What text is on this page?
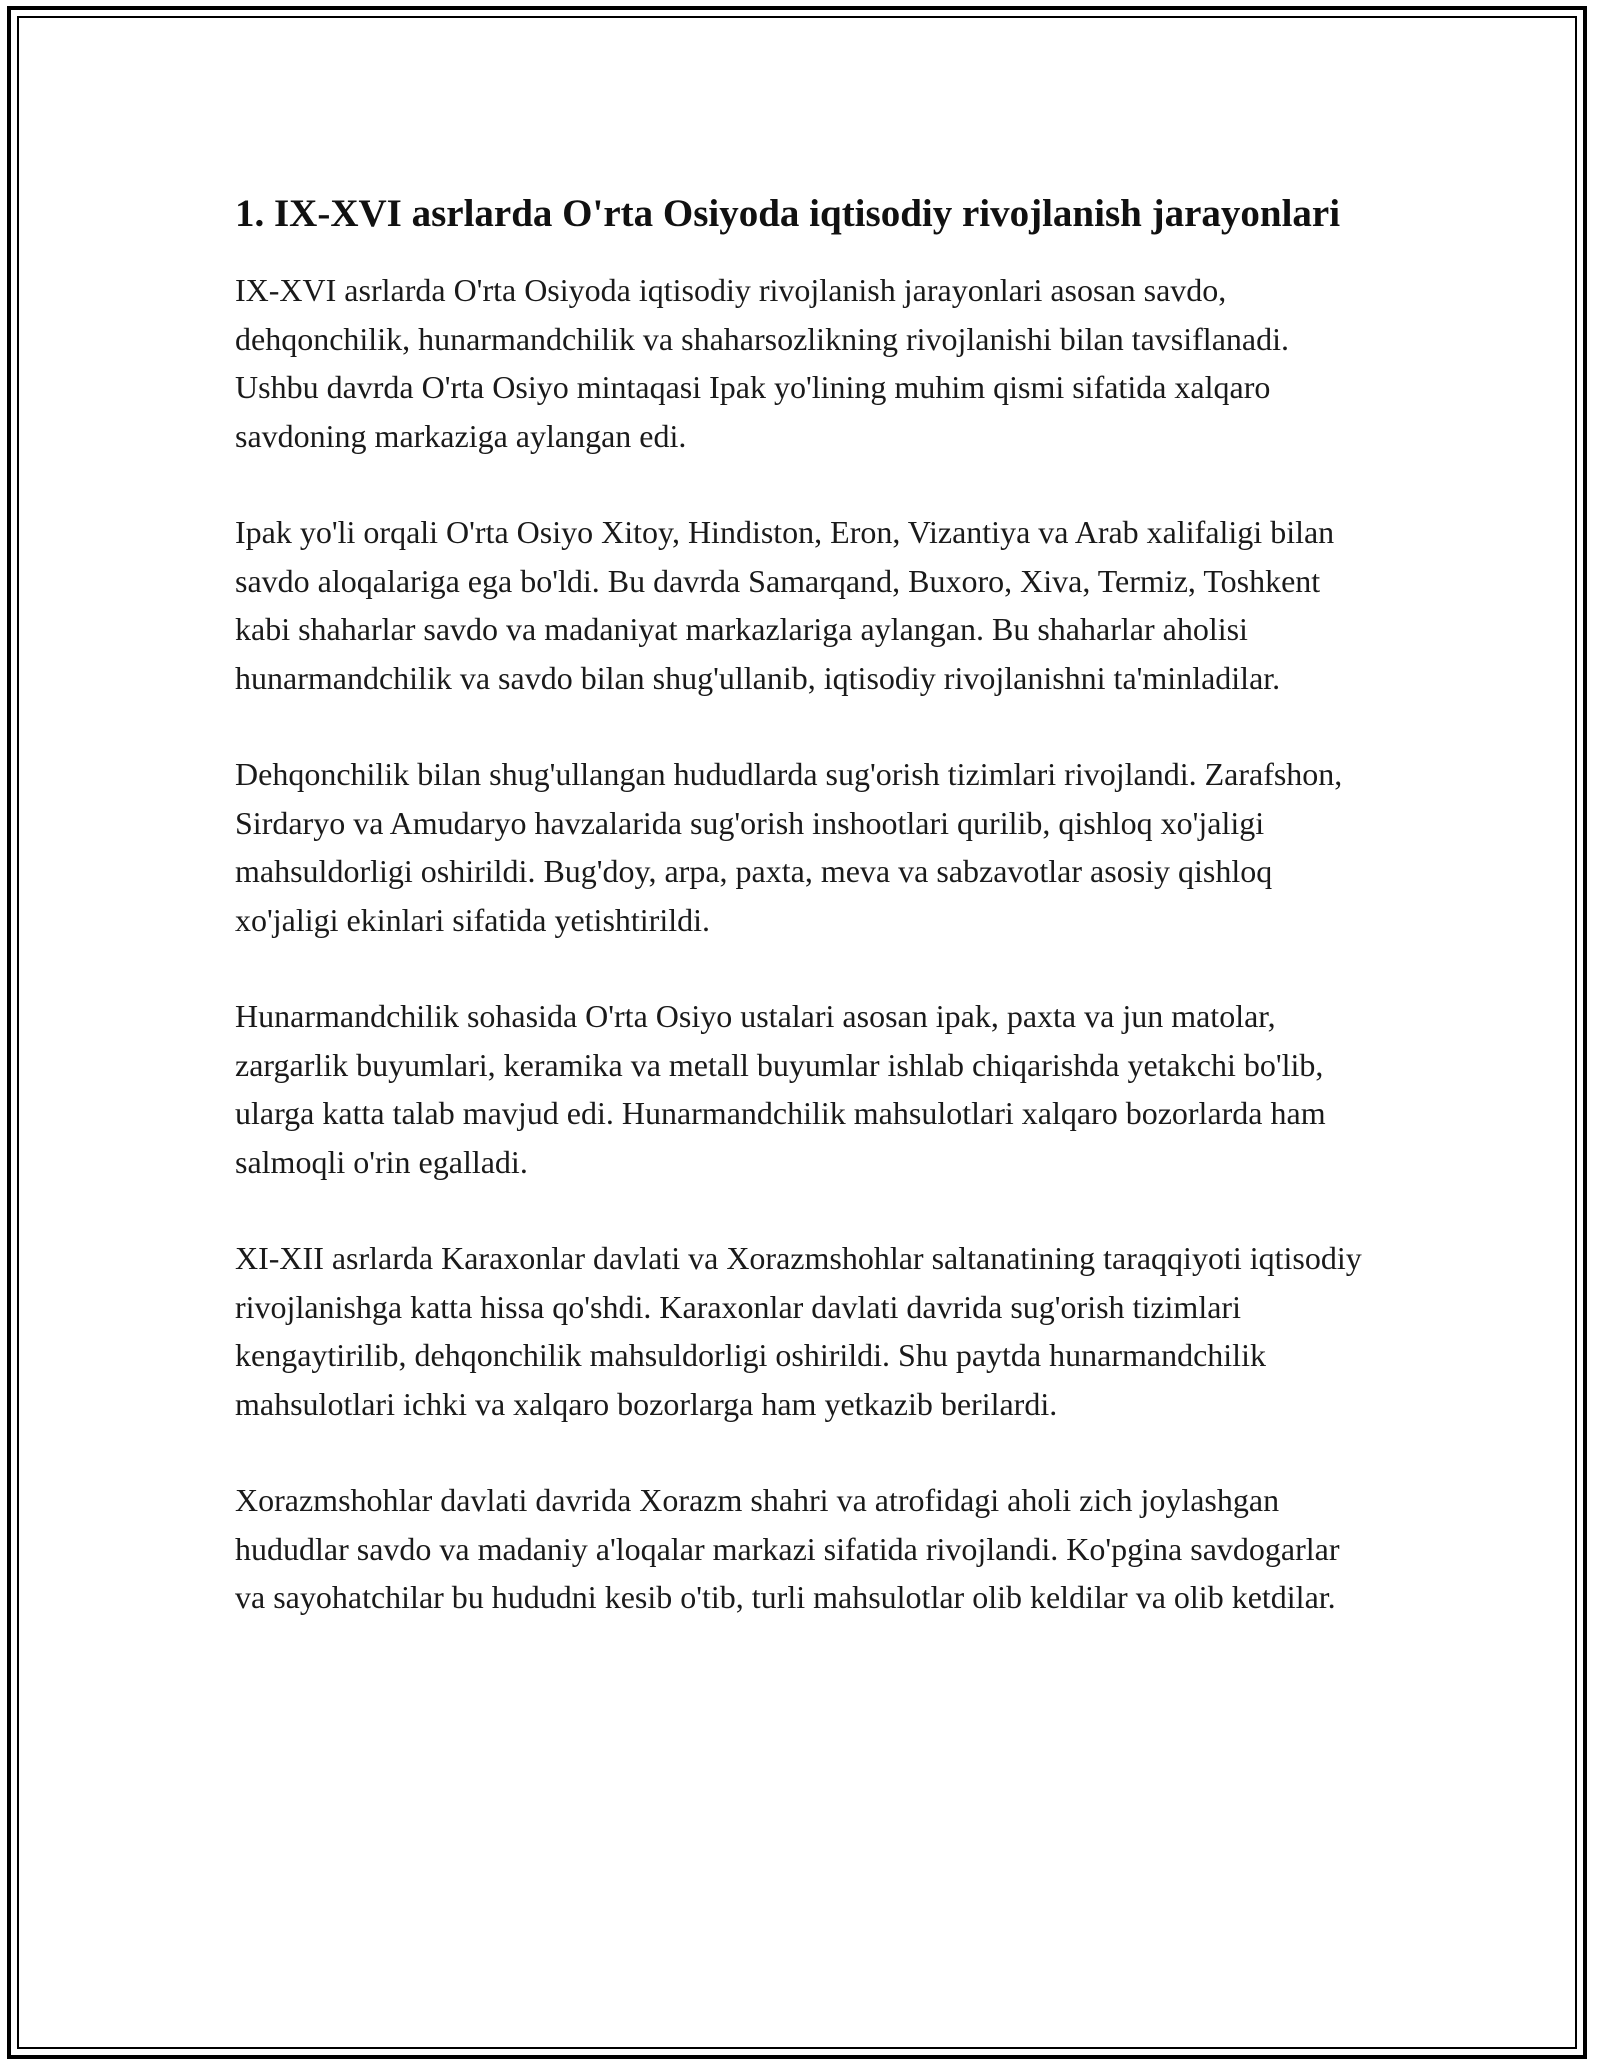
1. IX-XVI asrlarda O'rta Osiyoda iqtisodiy rivojlanish jarayonlari

IX-XVI asrlarda O'rta Osiyoda iqtisodiy rivojlanish jarayonlari asosan savdo, dehqonchilik, hunarmandchilik va shaharsozlikning rivojlanishi bilan tavsiflanadi. Ushbu davrda O'rta Osiyo mintaqasi Ipak yo'lining muhim qismi sifatida xalqaro savdoning markaziga aylangan edi.

Ipak yo'li orqali O'rta Osiyo Xitoy, Hindiston, Eron, Vizantiya va Arab xalifaligi bilan savdo aloqalariga ega bo'ldi. Bu davrda Samarqand, Buxoro, Xiva, Termiz, Toshkent kabi shaharlar savdo va madaniyat markazlariga aylangan. Bu shaharlar aholisi hunarmandchilik va savdo bilan shug'ullanib, iqtisodiy rivojlanishni ta'minladilar.

Dehqonchilik bilan shug'ullangan hududlarda sug'orish tizimlari rivojlandi. Zarafshon, Sirdaryo va Amudaryo havzalarida sug'orish inshootlari qurilib, qishloq xo'jaligi mahsuldorligi oshirildi. Bug'doy, arpa, paxta, meva va sabzavotlar asosiy qishloq xo'jaligi ekinlari sifatida yetishtirildi.

Hunarmandchilik sohasida O'rta Osiyo ustalari asosan ipak, paxta va jun matolar, zargarlik buyumlari, keramika va metall buyumlar ishlab chiqarishda yetakchi bo'lib, ularga katta talab mavjud edi. Hunarmandchilik mahsulotlari xalqaro bozorlarda ham salmoqli o'rin egalladi.

XI-XII asrlarda Karaxonlar davlati va Xorazmshohlar saltanatining taraqqiyoti iqtisodiy rivojlanishga katta hissa qo'shdi. Karaxonlar davlati davrida sug'orish tizimlari kengaytirilib, dehqonchilik mahsuldorligi oshirildi. Shu paytda hunarmandchilik mahsulotlari ichki va xalqaro bozorlarga ham yetkazib berilardi.

Xorazmshohlar davlati davrida Xorazm shahri va atrofidagi aholi zich joylashgan hududlar savdo va madaniy a'loqalar markazi sifatida rivojlandi. Ko'pgina savdogarlar va sayohatchilar bu hududni kesib o'tib, turli mahsulotlar olib keldilar va olib ketdilar.
